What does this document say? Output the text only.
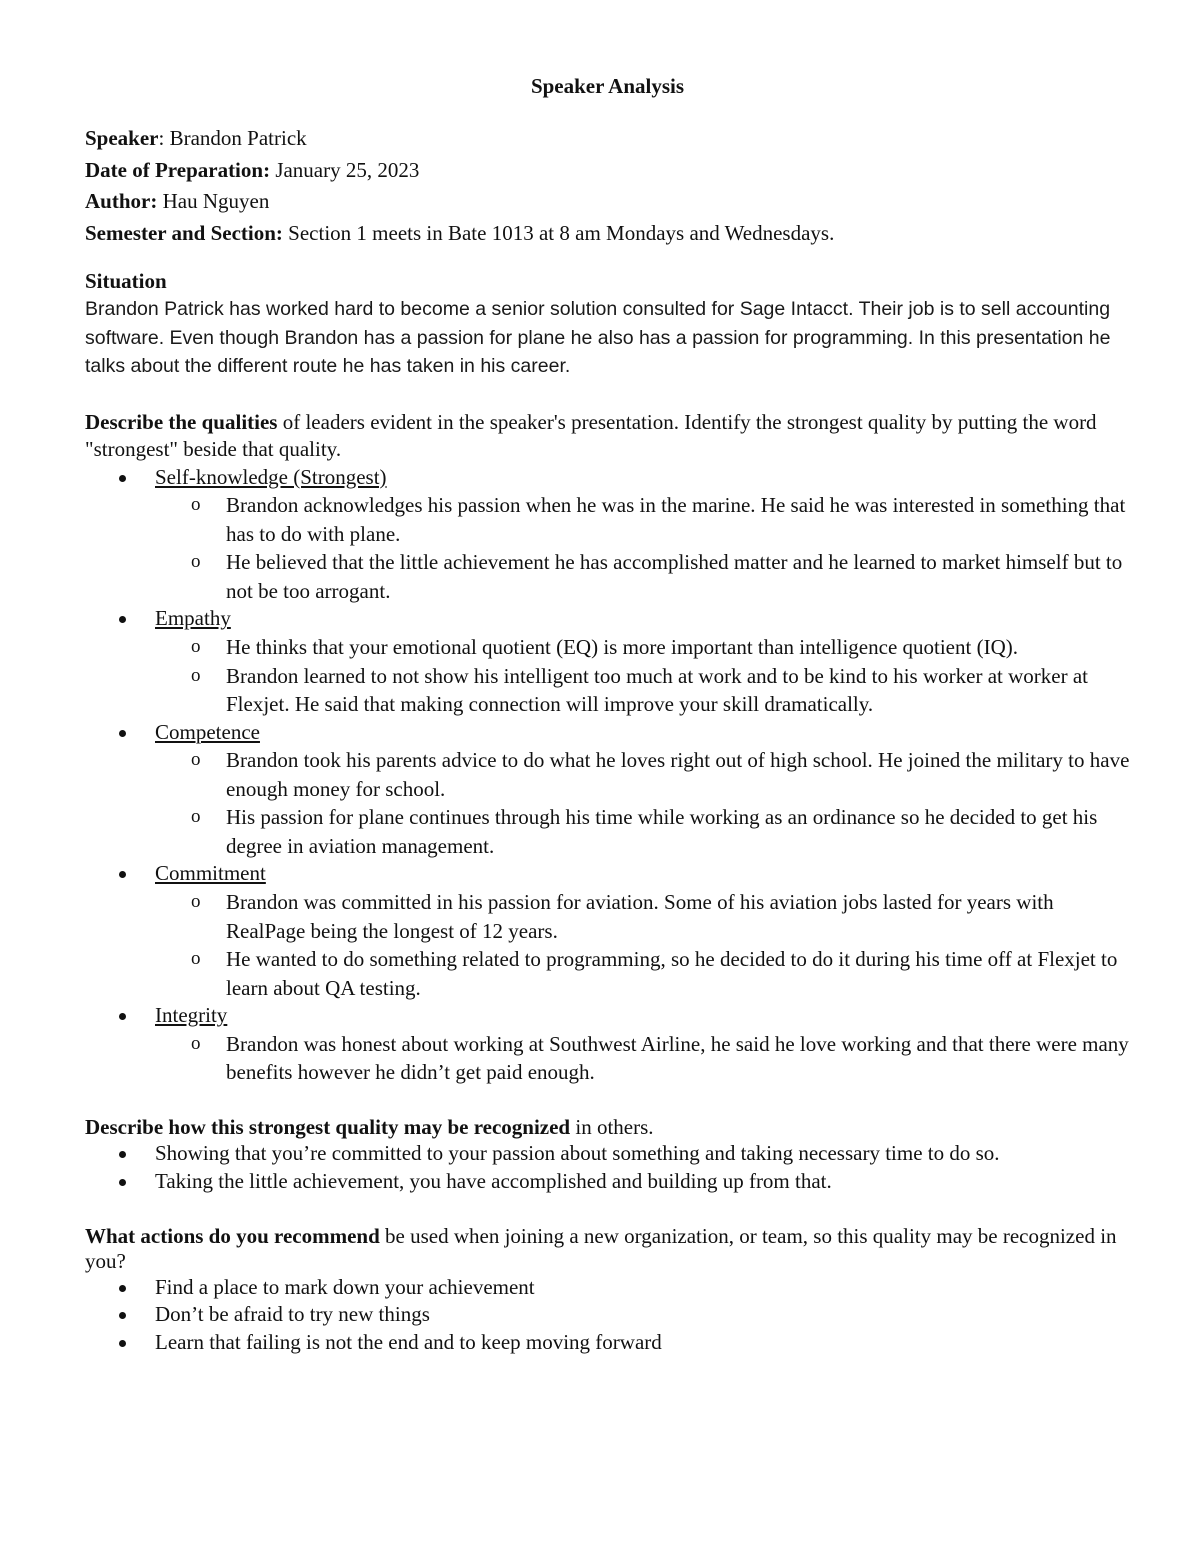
Speaker Analysis
Speaker: Brandon Patrick
Date of Preparation: January 25, 2023
Author: Hau Nguyen
Semester and Section: Section 1 meets in Bate 1013 at 8 am Mondays and Wednesdays.
Situation
Brandon Patrick has worked hard to become a senior solution consulted for Sage Intacct. Their job is to sell accounting software. Even though Brandon has a passion for plane he also has a passion for programming. In this presentation he talks about the different route he has taken in his career.
Describe the qualities of leaders evident in the speaker's presentation. Identify the strongest quality by putting the word "strongest" beside that quality.
Self-knowledge (Strongest)
o Brandon acknowledges his passion when he was in the marine. He said he was interested in something that has to do with plane.
o He believed that the little achievement he has accomplished matter and he learned to market himself but to not be too arrogant.
Empathy
o He thinks that your emotional quotient (EQ) is more important than intelligence quotient (IQ).
o Brandon learned to not show his intelligent too much at work and to be kind to his worker at worker at Flexjet. He said that making connection will improve your skill dramatically.
Competence
o Brandon took his parents advice to do what he loves right out of high school. He joined the military to have enough money for school.
o His passion for plane continues through his time while working as an ordinance so he decided to get his degree in aviation management.
Commitment
o Brandon was committed in his passion for aviation. Some of his aviation jobs lasted for years with RealPage being the longest of 12 years.
o He wanted to do something related to programming, so he decided to do it during his time off at Flexjet to learn about QA testing.
Integrity
o Brandon was honest about working at Southwest Airline, he said he love working and that there were many benefits however he didn’t get paid enough.
Describe how this strongest quality may be recognized in others.
Showing that you’re committed to your passion about something and taking necessary time to do so.
Taking the little achievement, you have accomplished and building up from that.
What actions do you recommend be used when joining a new organization, or team, so this quality may be recognized in you?
Find a place to mark down your achievement
Don’t be afraid to try new things
Learn that failing is not the end and to keep moving forward
